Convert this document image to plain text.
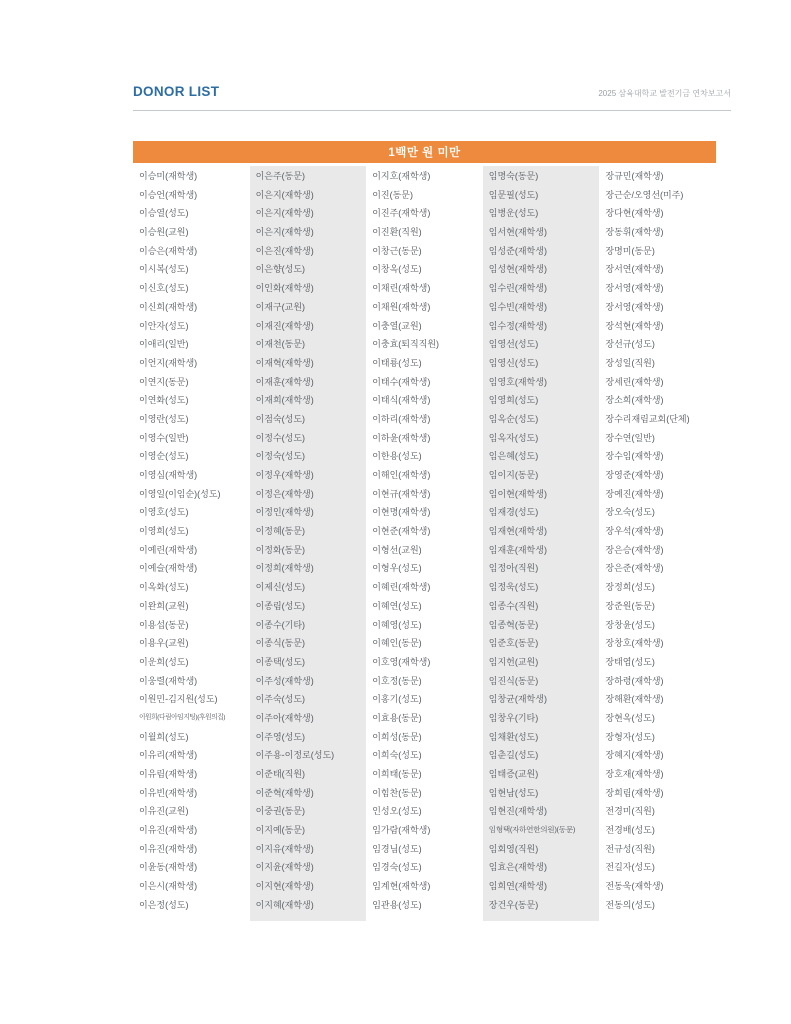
DONOR LIST	2025 삼육대학교 발전기금 연차보고서
1백만 원 미만
이승미(재학생)
이승언(재학생)
이승열(성도)
이승원(교원)
이승은(재학생)
이시복(성도)
이신호(성도)
이신희(재학생)
이안자(성도)
이애리(일반)
이언지(재학생)
이연지(동문)
이연화(성도)
이영란(성도)
이영수(일반)
이영순(성도)
이영심(재학생)
이영일(이임순)(성도)
이영호(성도)
이영희(성도)
이예린(재학생)
이예슬(재학생)
이옥화(성도)
이완희(교원)
이용섭(동문)
이용우(교원)
이운희(성도)
이웅렬(재학생)
이원민-김지원(성도)
이원희(다림아임지팅)(후원의집)
이월희(성도)
이유리(재학생)
이유림(재학생)
이유빈(재학생)
이유진(교원)
이유진(재학생)
이유진(재학생)
이윤동(재학생)
이은시(재학생)
이은정(성도)
이은주(동문)
이은지(재학생)
이은지(재학생)
이은지(재학생)
이은진(재학생)
이은향(성도)
이인화(재학생)
이재구(교원)
이재진(재학생)
이재천(동문)
이재혁(재학생)
이재훈(재학생)
이재희(재학생)
이점숙(성도)
이정수(성도)
이정숙(성도)
이정우(재학생)
이정은(재학생)
이정인(재학생)
이정혜(동문)
이정화(동문)
이정희(재학생)
이제신(성도)
이종림(성도)
이종수(기타)
이종식(동문)
이종택(성도)
이주성(재학생)
이주숙(성도)
이주아(재학생)
이주영(성도)
이주용-이정로(성도)
이준태(직원)
이준혁(재학생)
이중권(동문)
이지예(동문)
이지유(재학생)
이지윤(재학생)
이지현(재학생)
이지혜(재학생)
이지호(재학생)
이진(동문)
이진주(재학생)
이진환(직원)
이창근(동문)
이창옥(성도)
이채린(재학생)
이채원(재학생)
이충열(교원)
이충효(퇴직직원)
이태룡(성도)
이태수(재학생)
이태식(재학생)
이하리(재학생)
이하윤(재학생)
이한용(성도)
이해인(재학생)
이현규(재학생)
이현명(재학생)
이현준(재학생)
이형선(교원)
이형우(성도)
이혜린(재학생)
이혜연(성도)
이혜영(성도)
이혜인(동문)
이호영(재학생)
이호정(동문)
이홍기(성도)
이효용(동문)
이희성(동문)
이희숙(성도)
이희태(동문)
이힘찬(동문)
인성오(성도)
임가람(재학생)
임경님(성도)
임경숙(성도)
임계현(재학생)
임관용(성도)
임명숙(동문)
임문필(성도)
임병운(성도)
임서현(재학생)
임성준(재학생)
임성현(재학생)
임수린(재학생)
임수빈(재학생)
임수정(재학생)
임영선(성도)
임영신(성도)
임영호(재학생)
임영희(성도)
임옥순(성도)
임옥자(성도)
임은혜(성도)
임이지(동문)
임이현(재학생)
임재경(성도)
임재현(재학생)
임재훈(재학생)
임정아(직원)
임정욱(성도)
임종수(직원)
임종혁(동문)
임준호(동문)
임지헌(교원)
임진식(동문)
임창균(재학생)
임창우(기타)
임채환(성도)
임춘길(성도)
임태증(교원)
임현남(성도)
임현진(재학생)
임형택(자하연한의원)(동문)
임회영(직원)
임효은(재학생)
임희연(재학생)
장건우(동문)
장규민(재학생)
장근순/오영선(미주)
장다현(재학생)
장동휘(재학생)
장명미(동문)
장서연(재학생)
장서영(재학생)
장서영(재학생)
장석현(재학생)
장선규(성도)
장성일(직원)
장세린(재학생)
장소희(재학생)
장수리재림교회(단체)
장수연(일반)
장수임(재학생)
장영준(재학생)
장예진(재학생)
장오숙(성도)
장우석(재학생)
장은승(재학생)
장은준(재학생)
장정희(성도)
장준원(동문)
장창윤(성도)
장창호(재학생)
장태엽(성도)
장하령(재학생)
장해환(재학생)
장현옥(성도)
장형자(성도)
장혜지(재학생)
장호재(재학생)
장희림(재학생)
전경미(직원)
전경배(성도)
전규성(직원)
전길자(성도)
전동욱(재학생)
전동의(성도)
